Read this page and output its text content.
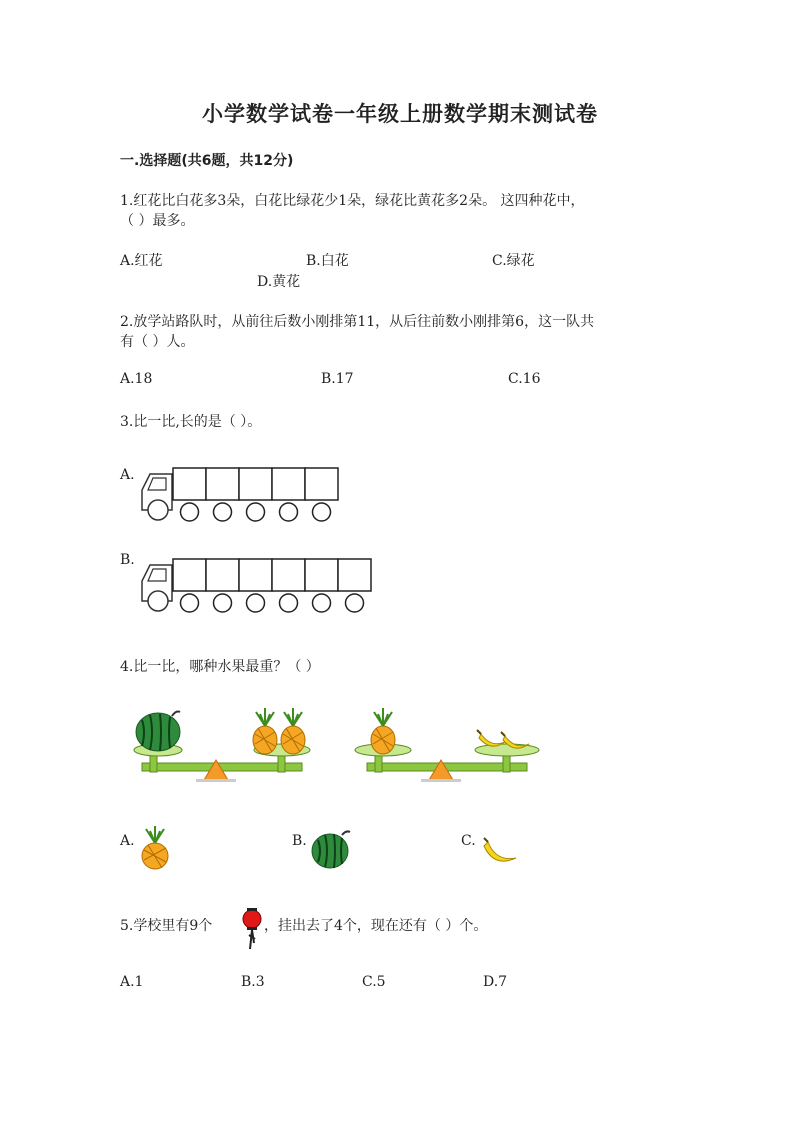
小学数学试卷一年级上册数学期末测试卷
一.选择题(共6题，共12分)
1.红花比白花多3朵，白花比绿花少1朵，绿花比黄花多2朵。 这四种花中，
（ ）最多。
A.红花	B.白花	C.绿花
D.黄花
2.放学站路队时，从前往后数小刚排第11，从后往前数小刚排第6，这一队共
有（ ）人。
A.18	B.17	C.16
3.比一比,长的是（ ）。
A.
B.
4.比一比，哪种水果最重？（ ）
A.	B.	C.
5.学校里有9个	，挂出去了4个，现在还有（ ）个。
A.1	B.3	C.5	D.7
